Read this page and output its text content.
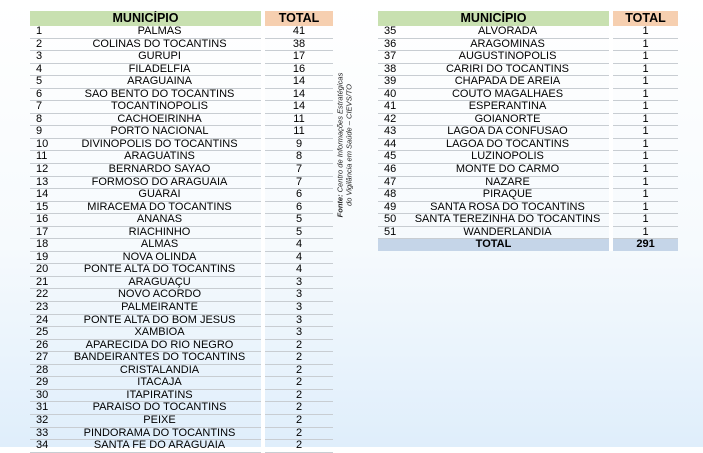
MUNICÍPIO		TOTAL
1	PALMAS	41
2	COLINAS DO TOCANTINS	38
3	GURUPI	17
4	FILADÉLFIA	16
5	ARAGUAÍNA	14
6	SÃO BENTO DO TOCANTINS	14
7	TOCANTINÓPOLIS	14
8	CACHOEIRINHA	11
9	PORTO NACIONAL	11
10	DIVINÓPOLIS DO TOCANTINS	9
11	ARAGUATINS	8
12	BERNARDO SAYAO	7
13	FORMOSO DO ARAGUAIA	7
14	GUARAÍ	6
15	MIRACEMA DO TOCANTINS	6
16	ANANÁS	5
17	RIACHINHO	5
18	ALMAS	4
19	NOVA OLINDA	4
20	PONTE ALTA DO TOCANTINS	4
21	ARAGUAÇU	3
22	NOVO ACORDO	3
23	PALMEIRANTE	3
24	PONTE ALTA DO BOM JESUS	3
25	XAMBIOÁ	3
26	APARECIDA DO RIO NEGRO	2
27	BANDEIRANTES DO TOCANTINS	2
28	CRISTALÂNDIA	2
29	ITACAJÁ	2
30	ITAPIRATINS	2
31	PARAÍSO DO TOCANTINS	2
32	PEIXE	2
33	PINDORAMA DO TOCANTINS	2
34	SANTA FÉ DO ARAGUAIA	2
Fonte: Centro de Informações Estratégicas
do Vigilância em Saúde – CIEVS/TO
MUNICÍPIO		TOTAL
35	ALVORADA	1
36	ARAGOMINAS	1
37	AUGUSTINÓPOLIS	1
38	CARIRI DO TOCANTINS	1
39	CHAPADA DE AREIA	1
40	COUTO MAGALHÃES	1
41	ESPERANTINA	1
42	GOIANORTE	1
43	LAGOA DA CONFUSÃO	1
44	LAGOA DO TOCANTINS	1
45	LUZINÓPOLIS	1
46	MONTE DO CARMO	1
47	NAZARÉ	1
48	PIRAQUÊ	1
49	SANTA ROSA DO TOCANTINS	1
50	SANTA TEREZINHA DO TOCANTINS	1
51	WANDERLÂNDIA	1
TOTAL		291
